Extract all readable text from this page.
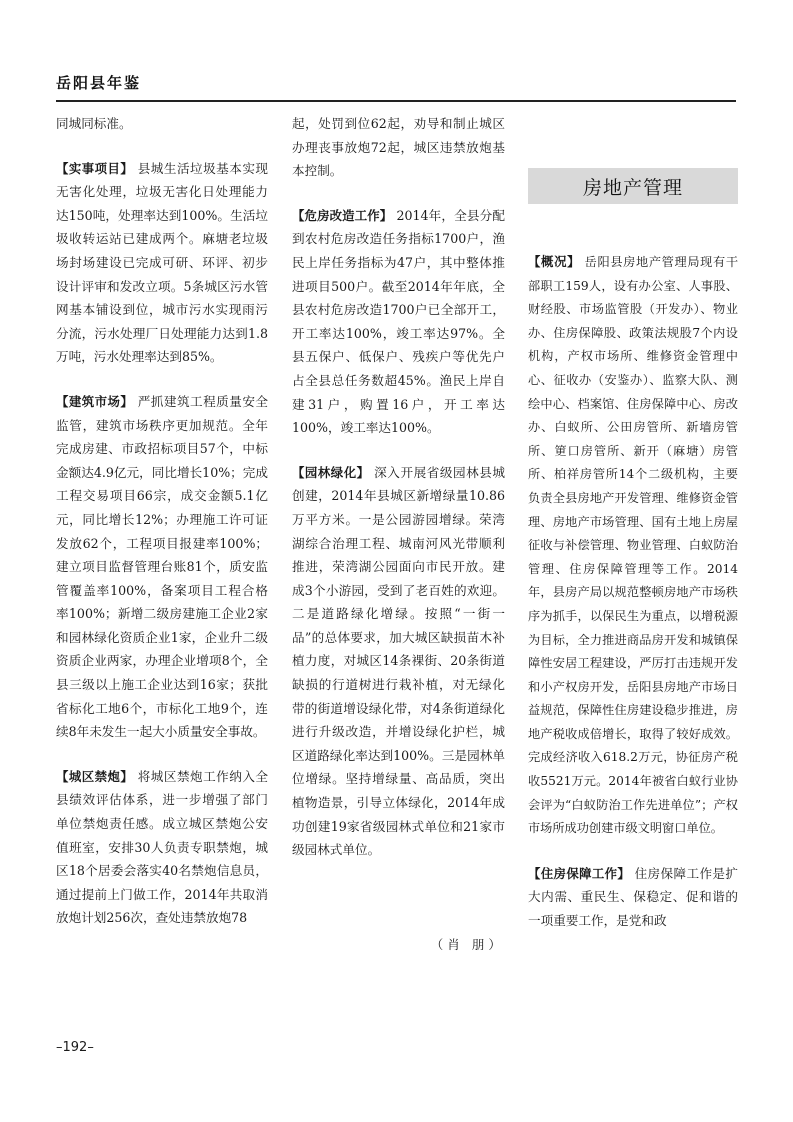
岳阳县年鉴

同城同标准。

【实事项目】 县城生活垃圾基本实现无害化处理，垃圾无害化日处理能力达150吨，处理率达到100%。生活垃圾收转运站已建成两个。麻塘老垃圾场封场建设已完成可研、环评、初步设计评审和发改立项。5条城区污水管网基本铺设到位，城市污水实现雨污分流，污水处理厂日处理能力达到1.8万吨，污水处理率达到85%。

【建筑市场】 严抓建筑工程质量安全监管，建筑市场秩序更加规范。全年完成房建、市政招标项目57个，中标金额达4.9亿元，同比增长10%；完成工程交易项目66宗，成交金额5.1亿元，同比增长12%；办理施工许可证发放62个，工程项目报建率100%；建立项目监督管理台账81个，质安监管覆盖率100%，备案项目工程合格率100%；新增二级房建施工企业2家和园林绿化资质企业1家，企业升二级资质企业两家，办理企业增项8个，全县三级以上施工企业达到16家；获批省标化工地6个，市标化工地9个，连续8年未发生一起大小质量安全事故。

【城区禁炮】 将城区禁炮工作纳入全县绩效评估体系，进一步增强了部门单位禁炮责任感。成立城区禁炮公安值班室，安排30人负责专职禁炮，城区18个居委会落实40名禁炮信息员，通过提前上门做工作，2014年共取消放炮计划256次，查处违禁放炮78

起，处罚到位62起，劝导和制止城区办理丧事放炮72起，城区违禁放炮基本控制。

【危房改造工作】 2014年，全县分配到农村危房改造任务指标1700户，渔民上岸任务指标为47户，其中整体推进项目500户。截至2014年年底，全县农村危房改造1700户已全部开工，开工率达100%，竣工率达97%。全县五保户、低保户、残疾户等优先户占全县总任务数超45%。渔民上岸自建31户，购置16户，开工率达100%，竣工率达100%。

【园林绿化】 深入开展省级园林县城创建，2014年县城区新增绿量10.86万平方米。一是公园游园增绿。荣湾湖综合治理工程、城南河风光带顺利推进，荣湾湖公园面向市民开放。建成3个小游园，受到了老百姓的欢迎。二是道路绿化增绿。按照“一街一品”的总体要求，加大城区缺损苗木补植力度，对城区14条裸街、20条街道缺损的行道树进行栽补植，对无绿化带的街道增设绿化带，对4条街道绿化进行升级改造，并增设绿化护栏，城区道路绿化率达到100%。三是园林单位增绿。坚持增绿量、高品质，突出植物造景，引导立体绿化，2014年成功创建19家省级园林式单位和21家市级园林式单位。

（肖 朋）
房地产管理

【概况】 岳阳县房地产管理局现有干部职工159人，设有办公室、人事股、财经股、市场监管股（开发办）、物业办、住房保障股、政策法规股7个内设机构，产权市场所、维修资金管理中心、征收办（安鉴办）、监察大队、测绘中心、档案馆、住房保障中心、房改办、白蚁所、公田房管所、新墙房管所、筻口房管所、新开（麻塘）房管所、柏祥房管所14个二级机构，主要负责全县房地产开发管理、维修资金管理、房地产市场管理、国有土地上房屋征收与补偿管理、物业管理、白蚁防治管理、住房保障管理等工作。2014年，县房产局以规范整顿房地产市场秩序为抓手，以保民生为重点，以增税源为目标，全力推进商品房开发和城镇保障性安居工程建设，严厉打击违规开发和小产权房开发，岳阳县房地产市场日益规范，保障性住房建设稳步推进，房地产税收成倍增长，取得了较好成效。完成经济收入618.2万元，协征房产税收5521万元。2014年被省白蚁行业协会评为“白蚁防治工作先进单位”；产权市场所成功创建市级文明窗口单位。

【住房保障工作】 住房保障工作是扩大内需、重民生、保稳定、促和谐的一项重要工作，是党和政

–192–
